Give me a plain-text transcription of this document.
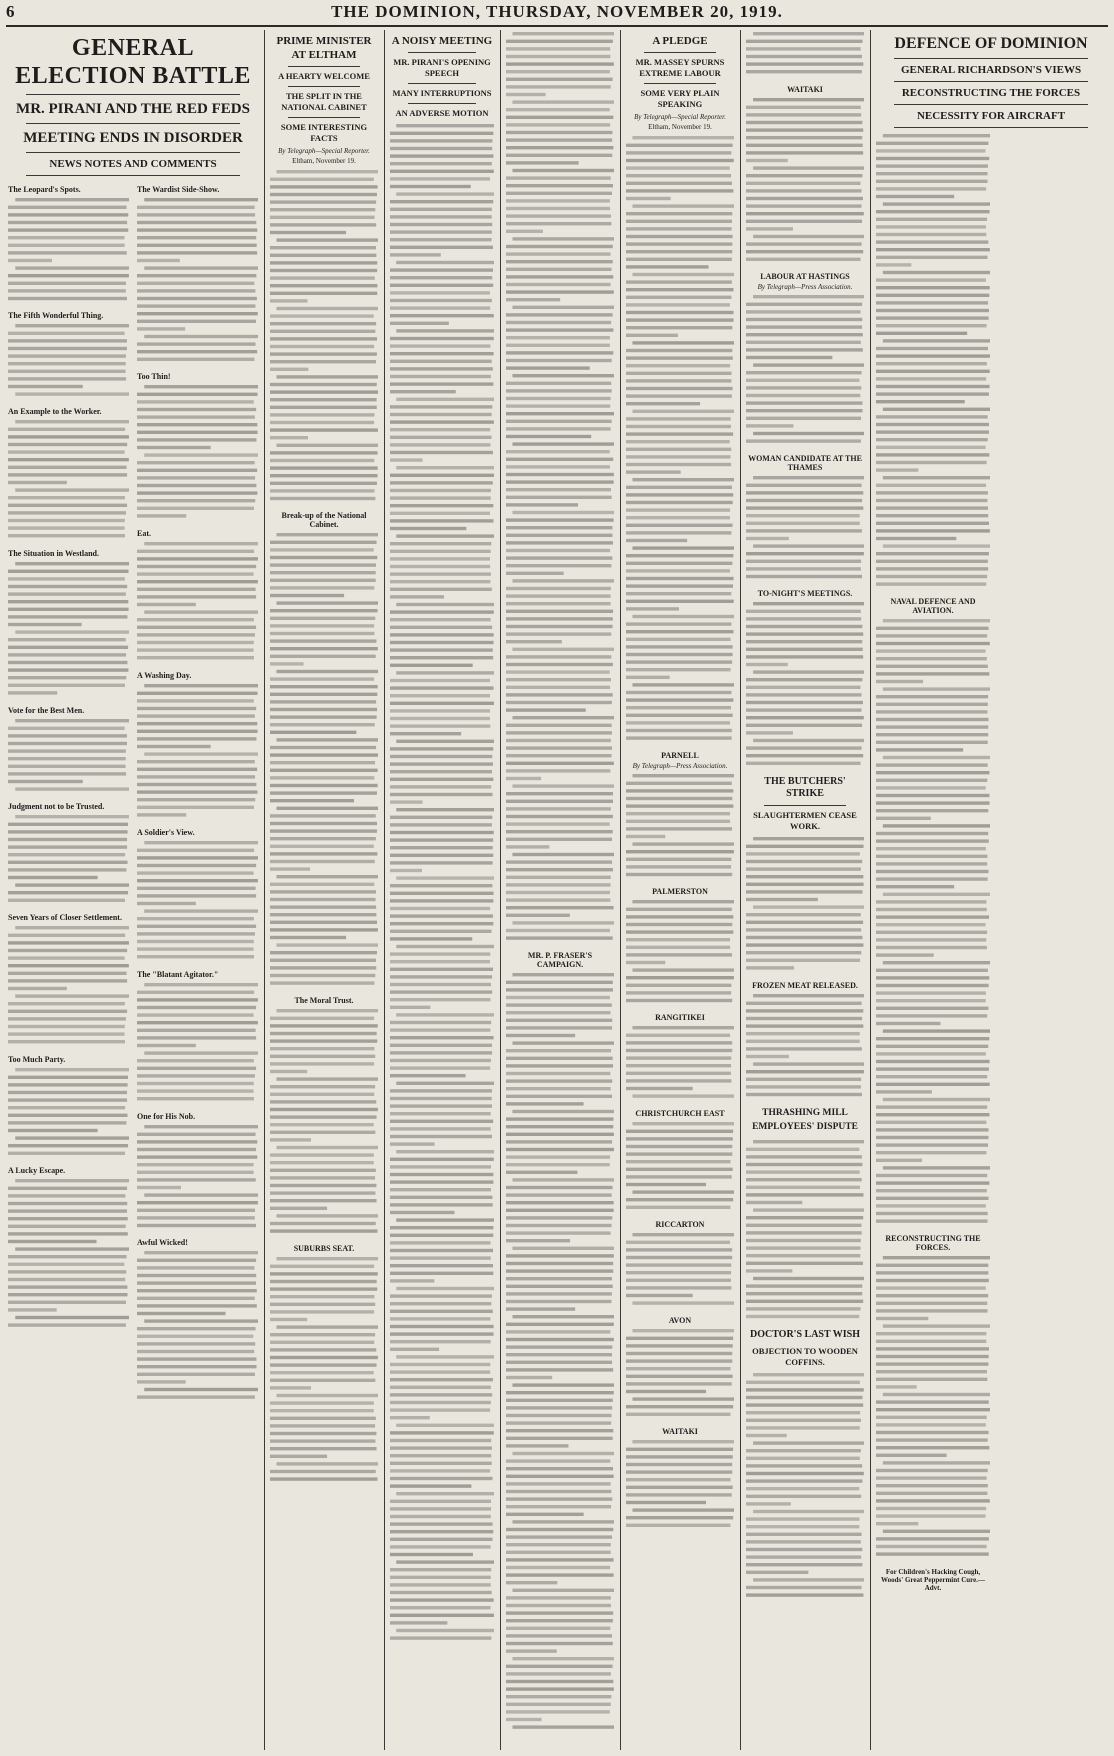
6	THE DOMINION, THURSDAY, NOVEMBER 20, 1919.
GENERAL ELECTION BATTLE
MR. PIRANI AND THE RED FEDS
MEETING ENDS IN DISORDER
NEWS NOTES AND COMMENTS
The Leopard's Spots.
The Fifth Wonderful Thing.
An Example to the Worker.
The Situation in Westland.
Vote for the Best Men.
Judgment not to be Trusted.
Seven Years of Closer Settlement.
Too Much Party.
A Lucky Escape.
The Wardist Side-Show.
Too Thin!
Eat.
A Washing Day.
A Soldier's View.
The "Blatant Agitator."
One for His Nob.
Awful Wicked!
PRIME MINISTER AT ELTHAM
A HEARTY WELCOME
THE SPLIT IN THE NATIONAL CABINET
SOME INTERESTING FACTS
By Telegraph—Special Reporter.
Eltham, November 19.
Break-up of the National Cabinet.
The Moral Trust.
SUBURBS SEAT.
A NOISY MEETING
MR. PIRANI'S OPENING SPEECH
MANY INTERRUPTIONS
AN ADVERSE MOTION
MR. P. FRASER'S CAMPAIGN.
A PLEDGE
MR. MASSEY SPURNS EXTREME LABOUR
SOME VERY PLAIN SPEAKING
By Telegraph—Special Reporter.
Eltham, November 19.
PARNELL
By Telegraph—Press Association.
PALMERSTON
RANGITIKEI
CHRISTCHURCH EAST
RICCARTON
AVON
WAITAKI
WAITAKI
LABOUR AT HASTINGS
By Telegraph—Press Association.
WOMAN CANDIDATE AT THE THAMES
TO-NIGHT'S MEETINGS.
THE BUTCHERS' STRIKE
SLAUGHTERMEN CEASE WORK.
FROZEN MEAT RELEASED.
THRASHING MILL EMPLOYEES' DISPUTE
DOCTOR'S LAST WISH
OBJECTION TO WOODEN COFFINS.
DEFENCE OF DOMINION
GENERAL RICHARDSON'S VIEWS
RECONSTRUCTING THE FORCES
NECESSITY FOR AIRCRAFT
NAVAL DEFENCE AND AVIATION.
RECONSTRUCTING THE FORCES.
For Children's Hacking Cough, Woods' Great Peppermint Cure.—Advt.
